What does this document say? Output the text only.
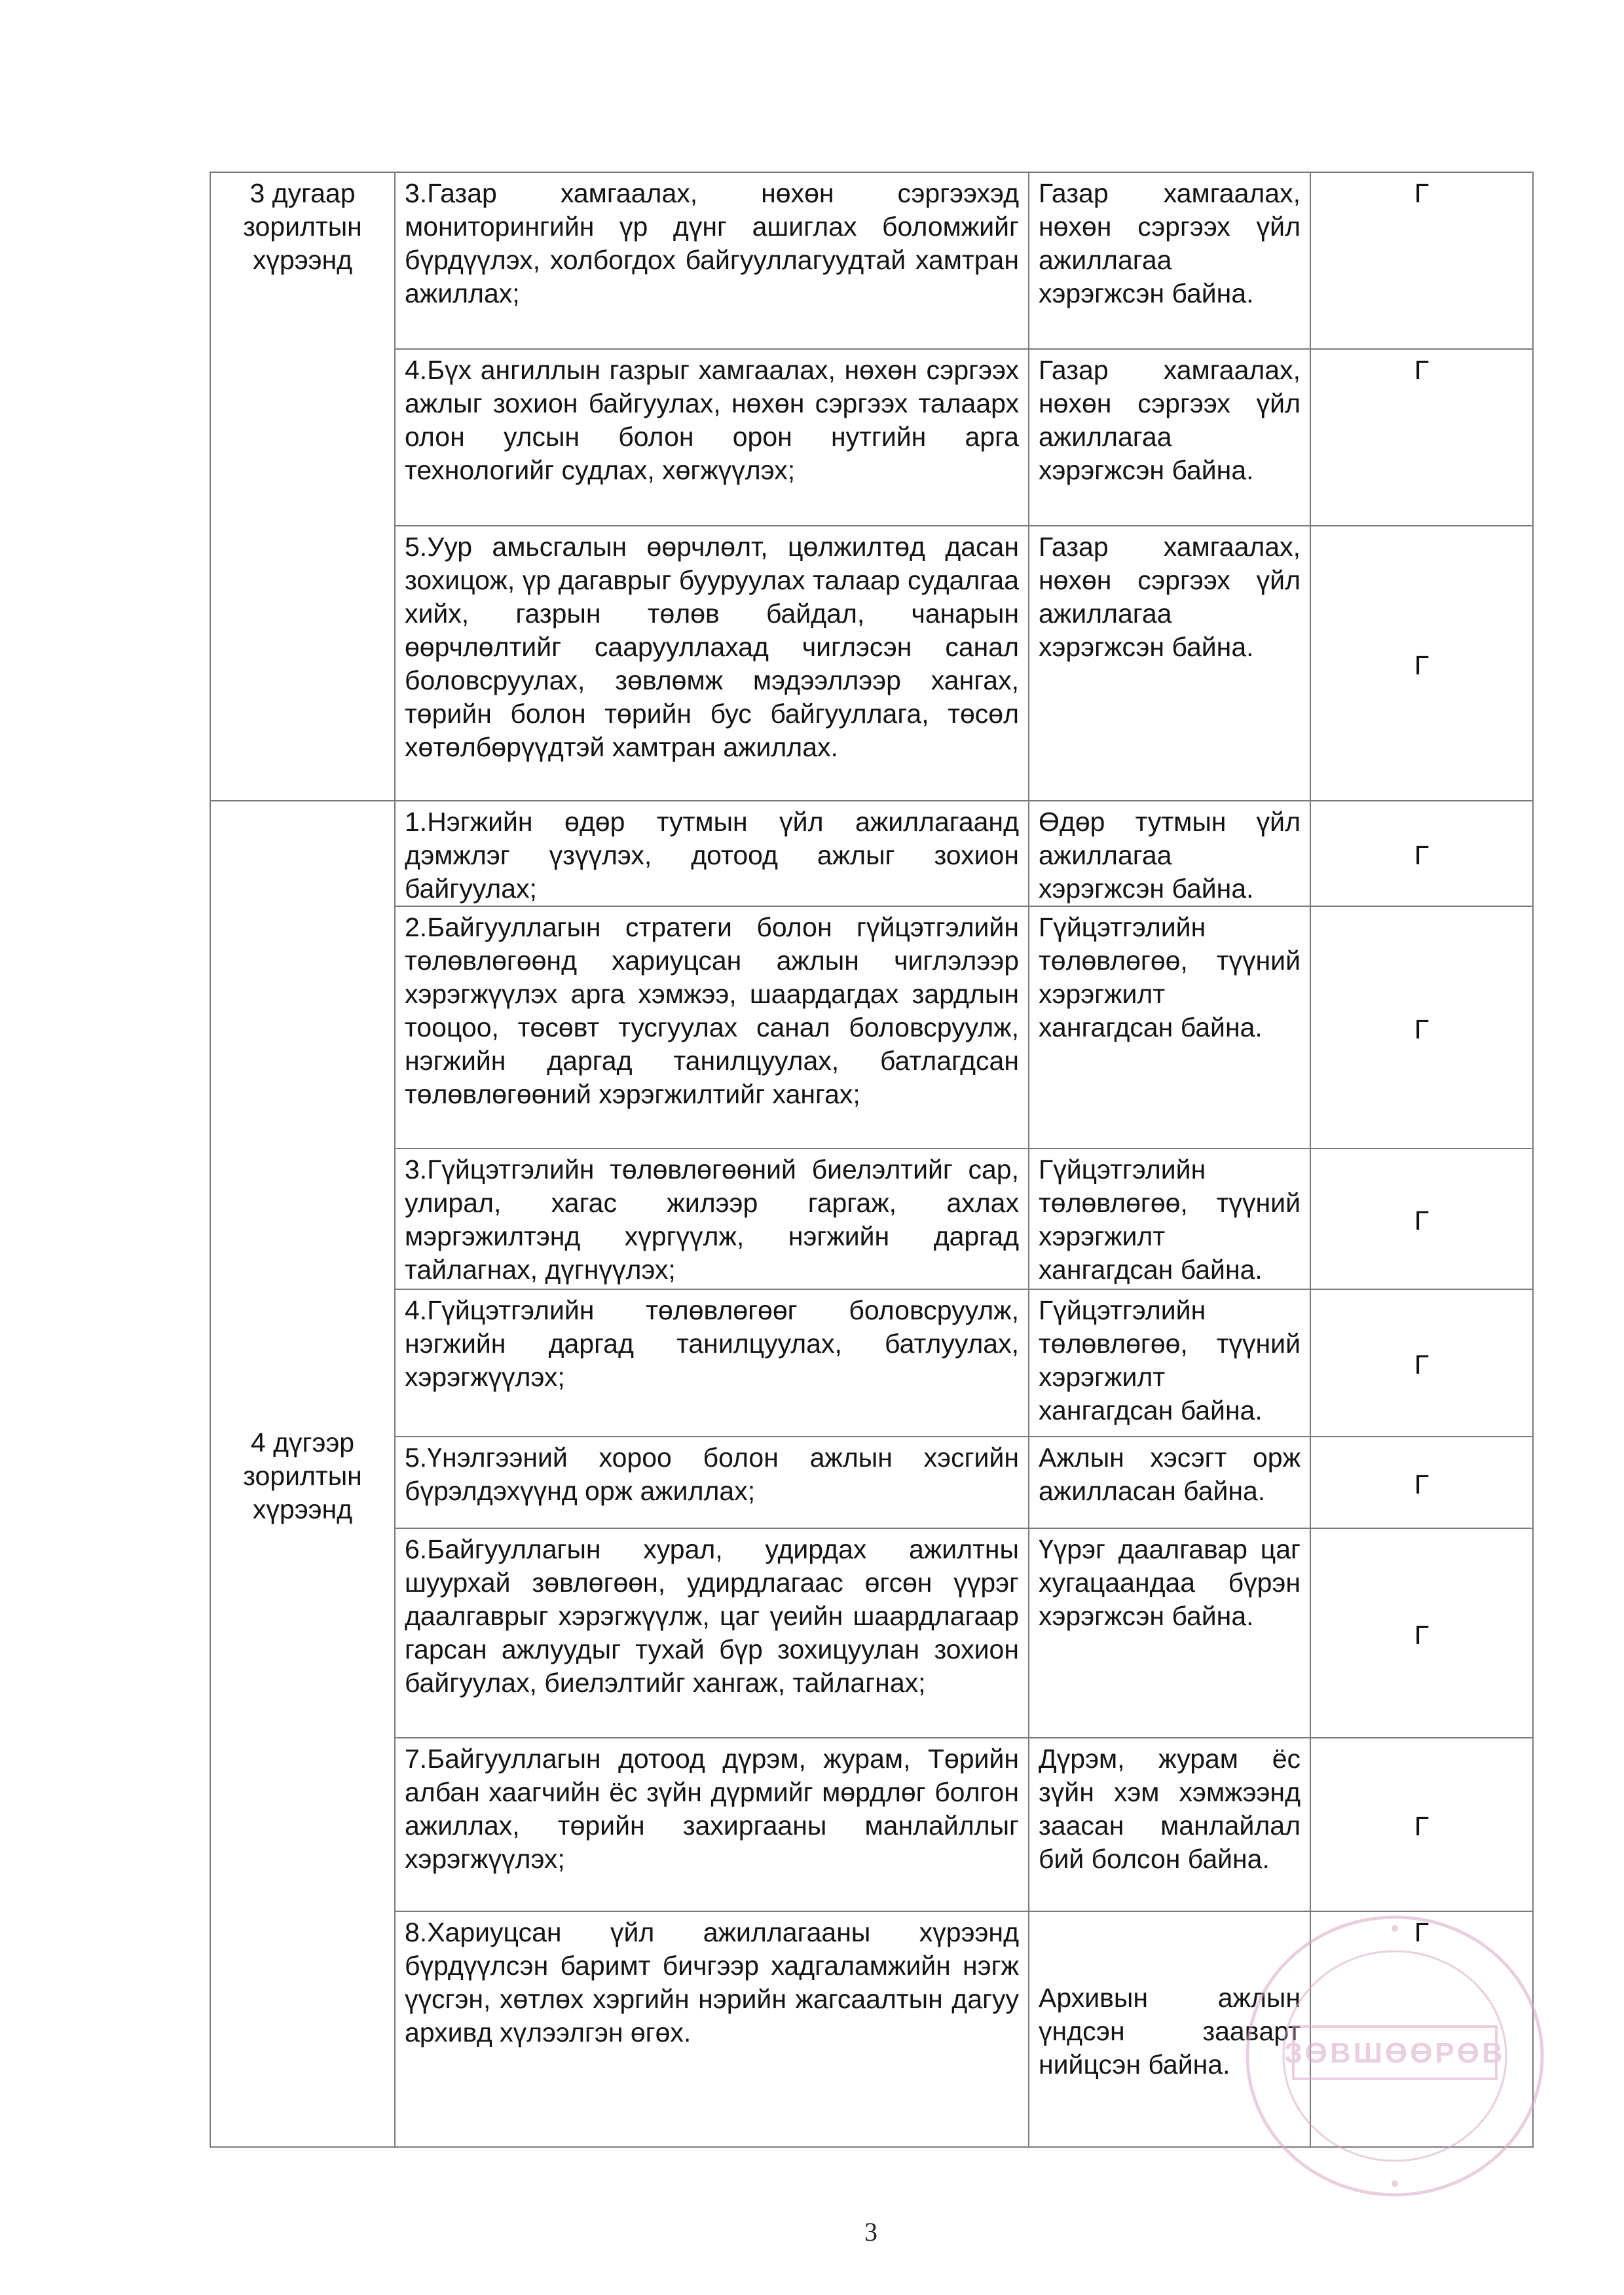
3 дугаар зорилтын хүрээнд	3.Газар хамгаалах, нөхөн сэргээхэд мониторингийн үр дүнг ашиглах боломжийг бүрдүүлэх, холбогдох байгууллагуудтай хамтран ажиллах;	Газар хамгаалах, нөхөн сэргээх үйл ажиллагаа хэрэгжсэн байна.	Г
	4.Бүх ангиллын газрыг хамгаалах, нөхөн сэргээх ажлыг зохион байгуулах, нөхөн сэргээх талаарх олон улсын болон орон нутгийн арга технологийг судлах, хөгжүүлэх;	Газар хамгаалах, нөхөн сэргээх үйл ажиллагаа хэрэгжсэн байна.	Г
	5.Уур амьсгалын өөрчлөлт, цөлжилтөд дасан зохицож, үр дагаврыг бууруулах талаар судалгаа хийх, газрын төлөв байдал, чанарын өөрчлөлтийг саарууллахад чиглэсэн санал боловсруулах, зөвлөмж мэдээллээр хангах, төрийн болон төрийн бус байгууллага, төсөл хөтөлбөрүүдтэй хамтран ажиллах.	Газар хамгаалах, нөхөн сэргээх үйл ажиллагаа хэрэгжсэн байна.	Г
4 дүгээр зорилтын хүрээнд	1.Нэгжийн өдөр тутмын үйл ажиллагаанд дэмжлэг үзүүлэх, дотоод ажлыг зохион байгуулах;	Өдөр тутмын үйл ажиллагаа хэрэгжсэн байна.	Г
	2.Байгууллагын стратеги болон гүйцэтгэлийн төлөвлөгөөнд хариуцсан ажлын чиглэлээр хэрэгжүүлэх арга хэмжээ, шаардагдах зардлын тооцоо, төсөвт тусгуулах санал боловсруулж, нэгжийн даргад танилцуулах, батлагдсан төлөвлөгөөний хэрэгжилтийг хангах;	Гүйцэтгэлийн төлөвлөгөө, түүний хэрэгжилт хангагдсан байна.	Г
	3.Гүйцэтгэлийн төлөвлөгөөний биелэлтийг сар, улирал, хагас жилээр гаргаж, ахлах мэргэжилтэнд хүргүүлж, нэгжийн даргад тайлагнах, дүгнүүлэх;	Гүйцэтгэлийн төлөвлөгөө, түүний хэрэгжилт хангагдсан байна.	Г
	4.Гүйцэтгэлийн төлөвлөгөөг боловсруулж, нэгжийн даргад танилцуулах, батлуулах, хэрэгжүүлэх;	Гүйцэтгэлийн төлөвлөгөө, түүний хэрэгжилт хангагдсан байна.	Г
	5.Үнэлгээний хороо болон ажлын хэсгийн бүрэлдэхүүнд орж ажиллах;	Ажлын хэсэгт орж ажилласан байна.	Г
	6.Байгууллагын хурал, удирдах ажилтны шуурхай зөвлөгөөн, удирдлагаас өгсөн үүрэг даалгаврыг хэрэгжүүлж, цаг үеийн шаардлагаар гарсан ажлуудыг тухай бүр зохицуулан зохион байгуулах, биелэлтийг хангаж, тайлагнах;	Үүрэг даалгавар цаг хугацаандаа бүрэн хэрэгжсэн байна.	Г
	7.Байгууллагын дотоод дүрэм, журам, Төрийн албан хаагчийн ёс зүйн дүрмийг мөрдлөг болгон ажиллах, төрийн захиргааны манлайллыг хэрэгжүүлэх;	Дүрэм, журам ёс зүйн хэм хэмжээнд зaасан манлайлал бий болсон байна.	Г
	8.Хариуцсан үйл ажиллагааны хүрээнд бүрдүүлсэн баримт бичгээр хадгаламжийн нэгж үүсгэн, хөтлөх хэргийн нэрийн жагсаалтын дагуу архивд хүлээлгэн өгөх.	Архивын ажлын үндсэн заавaрт нийцсэн байна.	Г
ЗӨВШӨӨРӨВ
3
